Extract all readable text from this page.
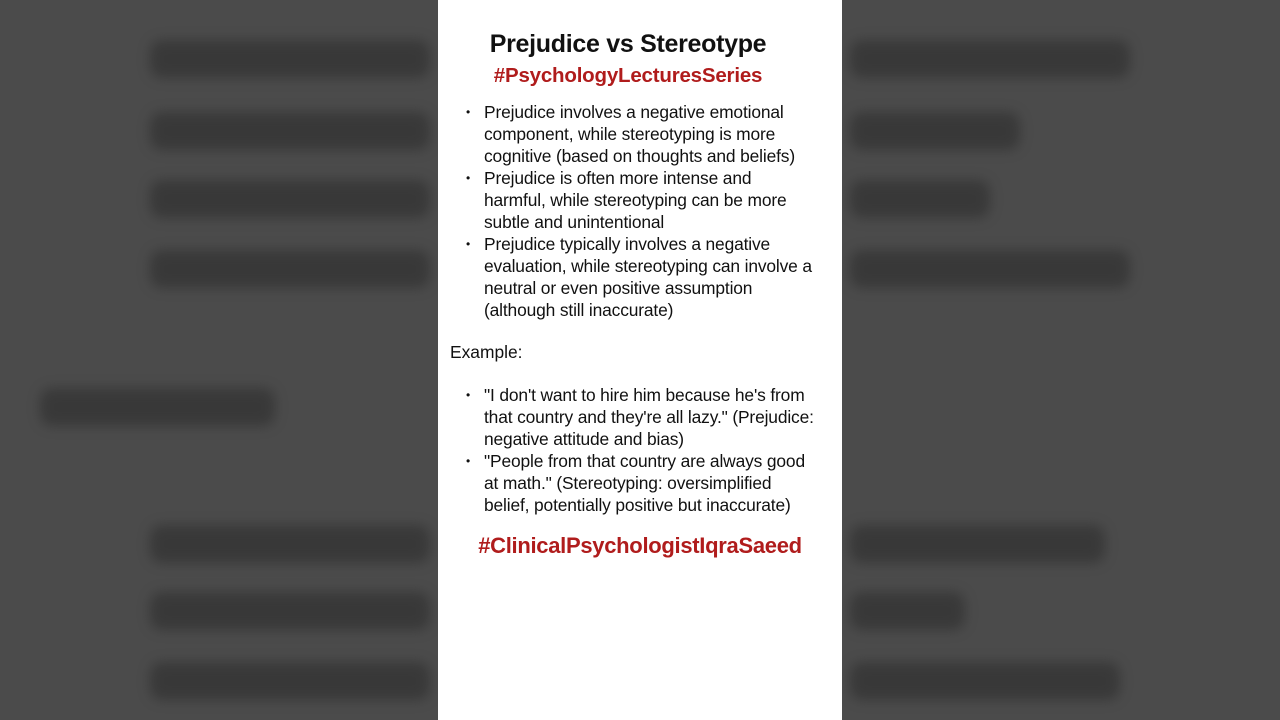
Prejudice vs Stereotype
#PsychologyLecturesSeries
• Prejudice involves a negative emotional component, while stereotyping is more cognitive (based on thoughts and beliefs)
• Prejudice is often more intense and harmful, while stereotyping can be more subtle and unintentional
• Prejudice typically involves a negative evaluation, while stereotyping can involve a neutral or even positive assumption (although still inaccurate)
Example:
• "I don't want to hire him because he's from that country and they're all lazy." (Prejudice: negative attitude and bias)
• "People from that country are always good at math." (Stereotyping: oversimplified belief, potentially positive but inaccurate)
#ClinicalPsychologistIqraSaeed
